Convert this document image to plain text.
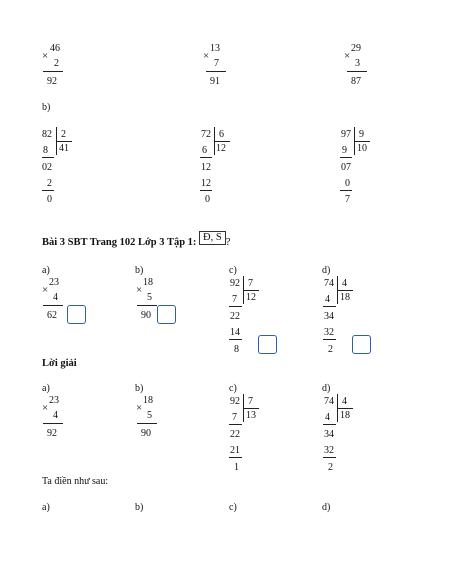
46
×
2
92
13
×
7
91
29
×
3
87
b)
82 2
41
8
02
2
0
72 6
12
6
12
12
0
97 9
10
9
07
0
7
Bài 3 SBT Trang 102 Lớp 3 Tập 1: Đ, S ?
a)	b)	c)	d)
23
×
4
62
18
×
5
90
92 7
12
7
22
14
8
74 4
18
4
34
32
2
Lời giải
a)	b)	c)	d)
23
×
4
92
18
×
5
90
92 7
13
7
22
21
1
74 4
18
4
34
32
2
Ta điền như sau:
a)	b)	c)	d)
